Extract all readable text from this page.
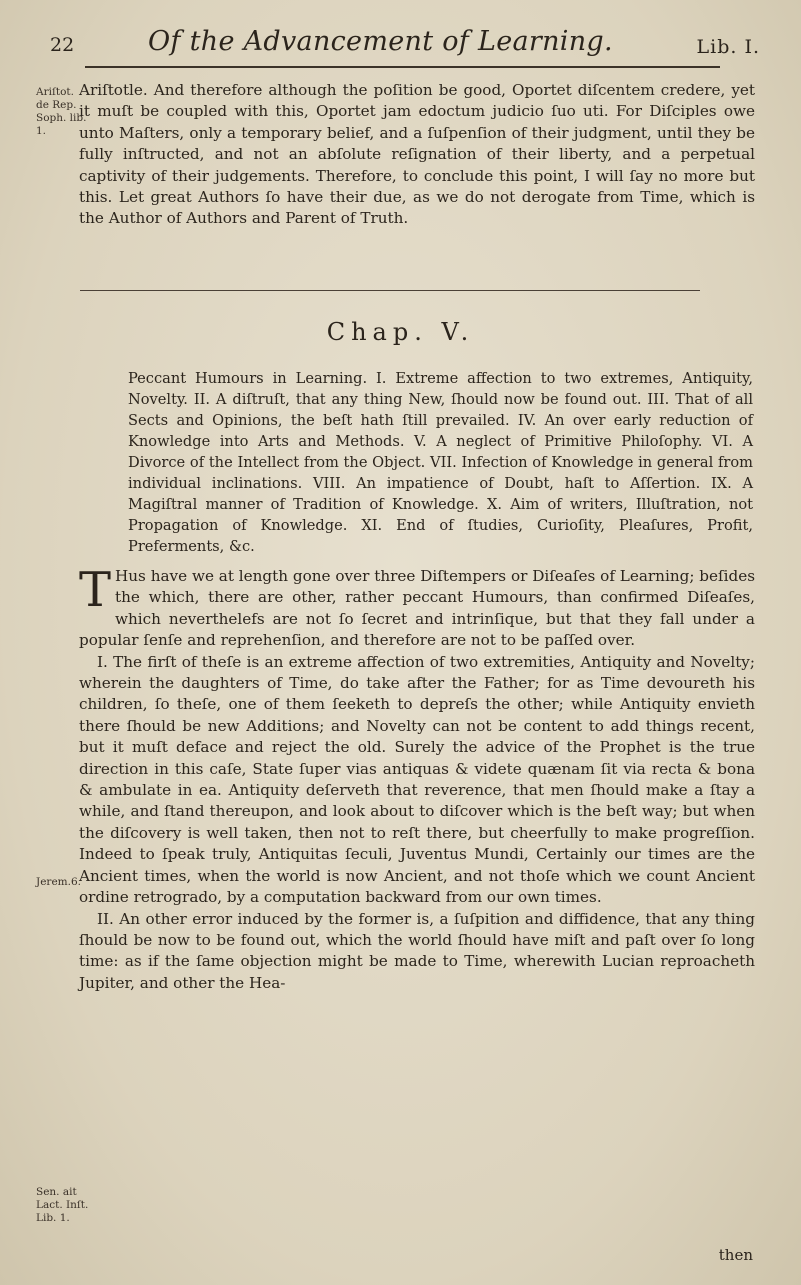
22	Of the Advancement of Learning.	Lib. I.
Ariſtot.
de Rep.
Soph. lib.
1.
Jerem.6.
Sen. ait
Lact. Inſt.
Lib. 1.
Ariſtotle. And therefore although the poſition be good, Oportet diſcentem credere, yet it muſt be coupled with this, Oportet jam edoctum judicio ſuo uti. For Diſciples owe unto Maſters, only a temporary belief, and a ſuſpenſion of their judgment, until they be fully inſtructed, and not an abſolute reſignation of their liberty, and a perpetual captivity of their judgements. Therefore, to conclude this point, I will ſay no more but this. Let great Authors ſo have their due, as we do not derogate from Time, which is the Author of Authors and Parent of Truth.
Chap. V.
Peccant Humours in Learning. I. Extreme affection to two extremes, Antiquity, Novelty. II. A diſtruſt, that any thing New, ſhould now be found out. III. That of all Sects and Opinions, the beſt hath ſtill prevailed. IV. An over early reduction of Knowledge into Arts and Methods. V. A neglect of Primitive Philoſophy. VI. A Divorce of the Intellect from the Object. VII. Infection of Knowledge in general from individual inclinations. VIII. An impatience of Doubt, haſt to Aſſertion. IX. A Magiſtral manner of Tradition of Knowledge. X. Aim of writers, Illuſtration, not Propagation of Knowledge. XI. End of ſtudies, Curioſity, Pleaſures, Profit, Preferments, &c.

T Hus have we at length gone over three Diſtempers or Diſeaſes of Learning; beſides the which, there are other, rather peccant Humours, than confirmed Diſeaſes, which neverthelefs are not ſo ſecret and intrinſique, but that they fall under a popular ſenſe and reprehenſion, and therefore are not to be paſſed over.

I. The firſt of theſe is an extreme affection of two extremities, Antiquity and Novelty; wherein the daughters of Time, do take after the Father; for as Time devoureth his children, ſo theſe, one of them ſeeketh to depreſs the other; while Antiquity envieth there ſhould be new Additions; and Novelty can not be content to add things recent, but it muſt deface and reject the old. Surely the advice of the Prophet is the true direction in this caſe, State ſuper vias antiquas & videte quænam ſit via recta & bona & ambulate in ea. Antiquity deſerveth that reverence, that men ſhould make a ſtay a while, and ſtand thereupon, and look about to diſcover which is the beſt way; but when the diſcovery is well taken, then not to reſt there, but cheerfully to make progreſſion. Indeed to ſpeak truly, Antiquitas ſeculi, Juventus Mundi, Certainly our times are the Ancient times, when the world is now Ancient, and not thoſe which we count Ancient ordine retrogrado, by a computation backward from our own times.

II. An other error induced by the former is, a ſuſpition and diffidence, that any thing ſhould be now to be found out, which the world ſhould have miſt and paſt over ſo long time: as if the ſame objection might be made to Time, wherewith Lucian reproacheth Jupiter, and other the Hea-

then
